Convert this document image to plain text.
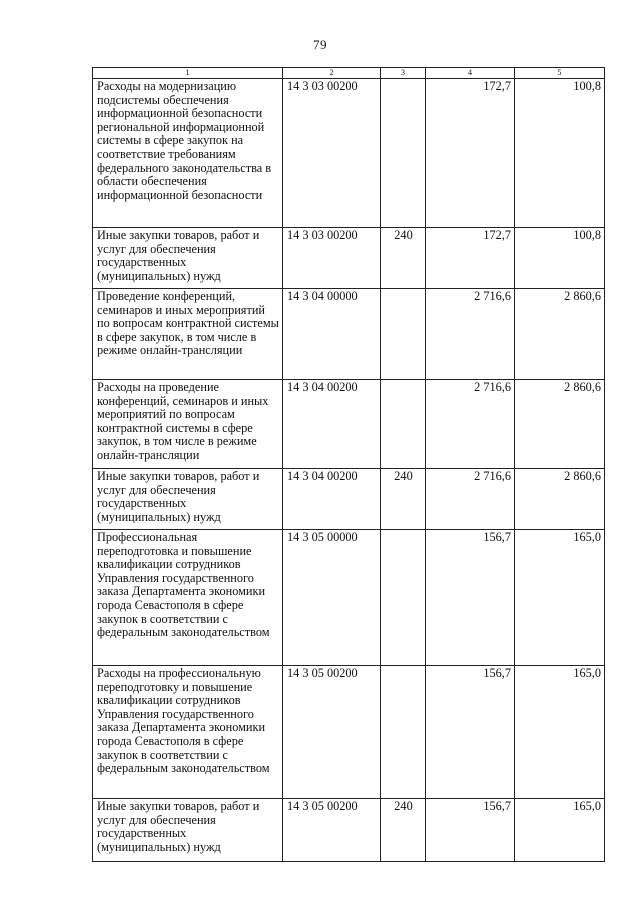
79
1	2	3	4	5
Расходы на модернизацию подсистемы обеспечения информационной безопасности региональной информационной системы в сфере закупок на соответствие требованиям федерального законодательства в области обеспечения информационной безопасности	14 3 03 00200		172,7	100,8
Иные закупки товаров, работ и услуг для обеспечения государственных (муниципальных) нужд	14 3 03 00200	240	172,7	100,8
Проведение конференций, семинаров и иных мероприятий по вопросам контрактной системы в сфере закупок, в том числе в режиме онлайн-трансляции	14 3 04 00000		2 716,6	2 860,6
Расходы на проведение конференций, семинаров и иных мероприятий по вопросам контрактной системы в сфере закупок, в том числе в режиме онлайн-трансляции	14 3 04 00200		2 716,6	2 860,6
Иные закупки товаров, работ и услуг для обеспечения государственных (муниципальных) нужд	14 3 04 00200	240	2 716,6	2 860,6
Профессиональная переподготовка и повышение квалификации сотрудников Управления государственного заказа Департамента экономики города Севастополя в сфере закупок в соответствии с федеральным законодательством	14 3 05 00000		156,7	165,0
Расходы на профессиональную переподготовку и повышение квалификации сотрудников Управления государственного заказа Департамента экономики города Севастополя в сфере закупок в соответствии с федеральным законодательством	14 3 05 00200		156,7	165,0
Иные закупки товаров, работ и услуг для обеспечения государственных (муниципальных) нужд	14 3 05 00200	240	156,7	165,0
